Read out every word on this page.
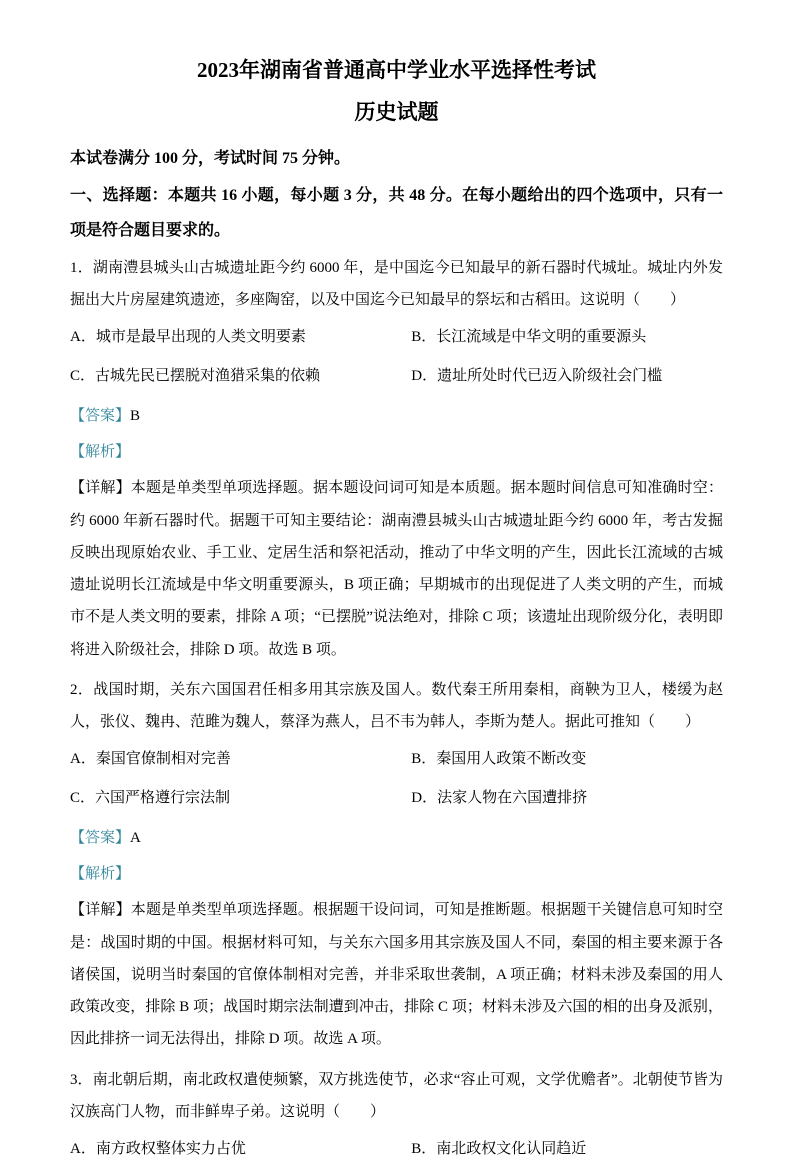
2023年湖南省普通高中学业水平选择性考试
历史试题

本试卷满分 100 分，考试时间 75 分钟。

一、选择题：本题共 16 小题，每小题 3 分，共 48 分。在每小题给出的四个选项中，只有一项是符合题目要求的。

1．湖南澧县城头山古城遗址距今约 6000 年，是中国迄今已知最早的新石器时代城址。城址内外发掘出大片房屋建筑遗迹，多座陶窑，以及中国迄今已知最早的祭坛和古稻田。这说明（　　）

A．城市是最早出现的人类文明要素	B．长江流域是中华文明的重要源头
C．古城先民已摆脱对渔猎采集的依赖	D．遗址所处时代已迈入阶级社会门槛

【答案】B

【解析】

【详解】本题是单类型单项选择题。据本题设问词可知是本质题。据本题时间信息可知准确时空：约 6000 年新石器时代。据题干可知主要结论：湖南澧县城头山古城遗址距今约 6000 年，考古发掘反映出现原始农业、手工业、定居生活和祭祀活动，推动了中华文明的产生，因此长江流域的古城遗址说明长江流域是中华文明重要源头，B 项正确；早期城市的出现促进了人类文明的产生，而城市不是人类文明的要素，排除 A 项；“已摆脱”说法绝对，排除 C 项；该遗址出现阶级分化，表明即将进入阶级社会，排除 D 项。故选 B 项。

2．战国时期，关东六国国君任相多用其宗族及国人。数代秦王所用秦相，商鞅为卫人，楼缓为赵人，张仪、魏冉、范雎为魏人，蔡泽为燕人，吕不韦为韩人，李斯为楚人。据此可推知（　　）

A．秦国官僚制相对完善	B．秦国用人政策不断改变
C．六国严格遵行宗法制	D．法家人物在六国遭排挤

【答案】A

【解析】

【详解】本题是单类型单项选择题。根据题干设问词，可知是推断题。根据题干关键信息可知时空是：战国时期的中国。根据材料可知，与关东六国多用其宗族及国人不同，秦国的相主要来源于各诸侯国，说明当时秦国的官僚体制相对完善，并非采取世袭制，A 项正确；材料未涉及秦国的用人政策改变，排除 B 项；战国时期宗法制遭到冲击，排除 C 项；材料未涉及六国的相的出身及派别，因此排挤一词无法得出，排除 D 项。故选 A 项。

3．南北朝后期，南北政权遣使频繁，双方挑选使节，必求“容止可观，文学优赡者”。北朝使节皆为汉族高门人物，而非鲜卑子弟。这说明（　　）

A．南方政权整体实力占优	B．南北政权文化认同趋近
